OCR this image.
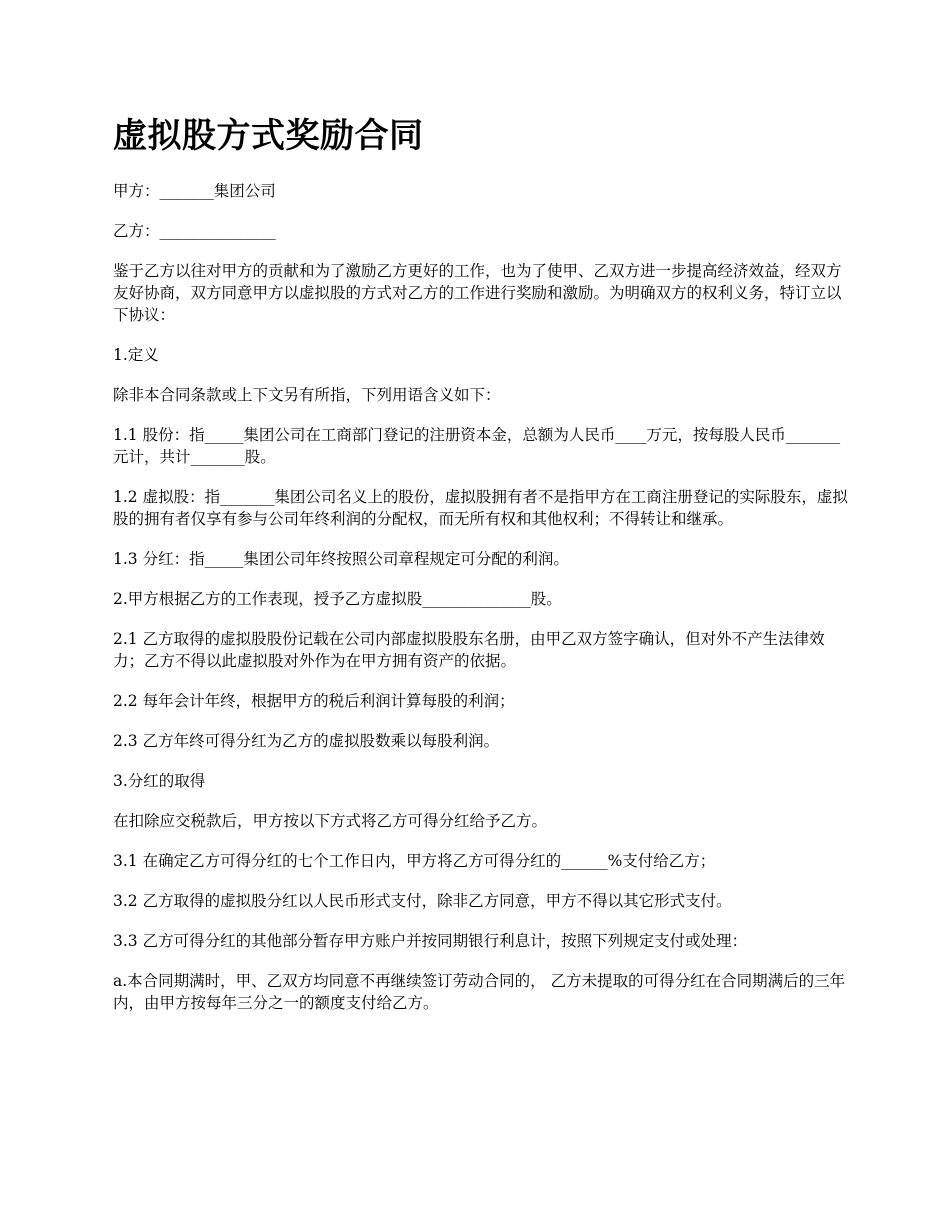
虚拟股方式奖励合同

甲方：_______集团公司

乙方：_______________

鉴于乙方以往对甲方的贡献和为了激励乙方更好的工作，也为了使甲、乙双方进一步提高经济效益，经双方友好协商，双方同意甲方以虚拟股的方式对乙方的工作进行奖励和激励。为明确双方的权利义务，特订立以下协议：

1.定义

除非本合同条款或上下文另有所指，下列用语含义如下：

1.1 股份：指_____集团公司在工商部门登记的注册资本金，总额为人民币____万元，按每股人民币_______元计，共计_______股。

1.2 虚拟股：指_______集团公司名义上的股份，虚拟股拥有者不是指甲方在工商注册登记的实际股东，虚拟股的拥有者仅享有参与公司年终利润的分配权，而无所有权和其他权利；不得转让和继承。

1.3 分红：指_____集团公司年终按照公司章程规定可分配的利润。

2.甲方根据乙方的工作表现，授予乙方虚拟股______________股。

2.1 乙方取得的虚拟股股份记载在公司内部虚拟股股东名册，由甲乙双方签字确认，但对外不产生法律效力；乙方不得以此虚拟股对外作为在甲方拥有资产的依据。

2.2 每年会计年终，根据甲方的税后利润计算每股的利润；

2.3 乙方年终可得分红为乙方的虚拟股数乘以每股利润。

3.分红的取得

在扣除应交税款后，甲方按以下方式将乙方可得分红给予乙方。

3.1 在确定乙方可得分红的七个工作日内，甲方将乙方可得分红的______%支付给乙方；

3.2 乙方取得的虚拟股分红以人民币形式支付，除非乙方同意，甲方不得以其它形式支付。

3.3 乙方可得分红的其他部分暂存甲方账户并按同期银行利息计，按照下列规定支付或处理：

a.本合同期满时，甲、乙双方均同意不再继续签订劳动合同的， 乙方未提取的可得分红在合同期满后的三年内，由甲方按每年三分之一的额度支付给乙方。
